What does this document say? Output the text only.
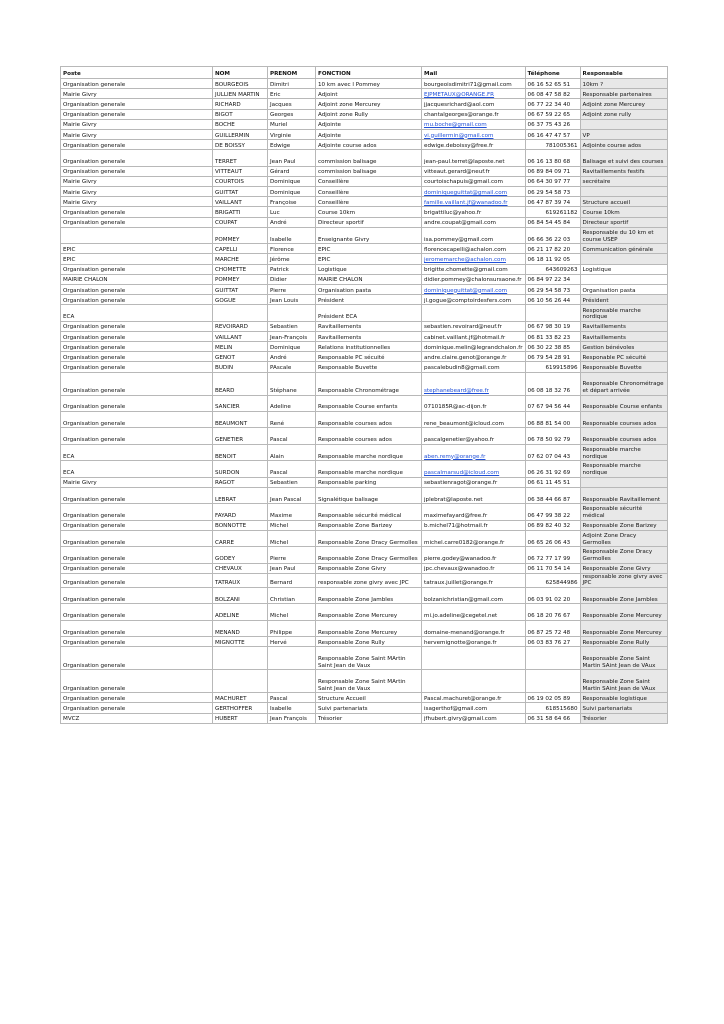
Poste	NOM	PRENOM	FONCTION	Mail	Téléphone	Responsable
Organisation generale	BOURGEOIS	Dimitri	10 km avec l Pommey	bourgeoisdimitri71@gmail.com	06 16 52 65 51	10km ?
Mairie Givry	JULLIEN MARTIN	Eric	Adjoint	EJPMETAUX@ORANGE.FR	06 08 47 58 82	Responsable partenaires
Organisation generale	RICHARD	Jacques	Adjoint zone Mercurey	jjacquesrichard@aol.com	06 77 22 34 40	Adjoint zone Mercurey
Organisation generale	BIGOT	Georges	Adjoint zone Rully	chantalgeorges@orange.fr	06 67 59 22 65	Adjoint zone rully
Mairie Givry	BOCHE	Muriel	Adjointe	mu.boche@gmail.com	06 37 75 43 26	
Mairie Givry	GUILLERMIN	Virginie	Adjointe	vi.guillermin@gmail.com	06 16 47 47 57	VP
Organisation generale	DE BOISSY	Edwige	Adjointe course ados	edwige.deboissy@free.fr	781005361	Adjointe course ados
Organisation generale	TERRET	Jean Paul	commission balisage	jean-paul.terret@laposte.net	06 16 13 80 68	Balisage et suivi des courses
Organisation generale	VITTEAUT	Gérard	commission balisage	vitteaut.gerard@neuf.fr	06 89 84 09 71	Ravitaillements festifs
Mairie Givry	COURTOIS	Dominique	Conseillère	courtoischapuis@gmail.com	06 64 30 97 77	secrétaire
Mairie Givry	GUITTAT	Dominique	Conseillère	dominiqueguittat@gmail.com	06 29 54 58 73	
Mairie Givry	VAILLANT	Françoise	Conseillère	famille.vaillant.jf@wanadoo.fr	06 47 87 39 74	Structure accueil
Organisation generale	BRIGATTI	Luc	Course 10km	brigattiluc@yahoo.fr	619261182	Course 10km
Organisation generale	COUPAT	André	Directeur sportif	andre.coupat@gmail.com	06 84 54 45 84	Directeur sportif
	POMMEY	Isabelle	Enseignante Givry	isa.pommey@gmail.com	06 66 36 22 03	Responsable du 10 km et course USEP
EPIC	CAPELLI	Florence	EPIC	florencecapelli@achalon.com	06 21 17 82 20	Communication générale
EPIC	MARCHE	Jérôme	EPIC	jeromemarche@achalon.com	06 18 11 92 05	
Organisation generale	CHOMETTE	Patrick	Logistique	brigitte.chomette@gmail.com	643609263	Logistique
MAIRIE CHALON	POMMEY	Didier	MAIRIE CHALON	didier.pommey@chalonsursaone.fr	06 84 97 22 34	
Organisation generale	GUITTAT	Pierre	Organisation pasta	dominiqueguittat@gmail.com	06 29 54 58 73	Organisation pasta
Organisation generale	GOGUE	Jean Louis	Président	jl.gogue@comptoirdesfers.com	06 10 56 26 44	Président
ECA			Président ECA			Responsable marche nordique
Organisation generale	REVOIRARD	Sebastien	Ravitaillements	sebastien.revoirard@neuf.fr	06 67 98 30 19	Ravitaillements
Organisation generale	VAILLANT	Jean-François	Ravitaillements	cabinet.vaillant.jf@hotmail.fr	06 81 33 82 23	Ravitaillements
Organisation generale	MELIN	Dominique	Relations institutionnelles	dominique.melin@legrandchalon.fr	06 30 22 38 85	Gestion bénévoles
Organisation generale	GENOT	André	Responsable PC sécuité	andre.claire.genot@orange.fr	06 79 54 28 91	Responable PC sécuité
Organisation generale	BUDIN	PAscale	Responsable Buvette	pascalebudin8@gmail.com	619915896	Responsable Buvette
Organisation generale	BEARD	Stéphane	Responsable Chronométrage	stephanebeard@free.fr	06 08 18 32 76	Responsable Chronométrage et départ arrivée
Organisation generale	SANCIER	Adeline	Responsable Course enfants	0710185R@ac-dijon.fr	07 67 94 56 44	Responsable Course enfants
Organisation generale	BEAUMONT	René	Responsable courses ados	rene_beaumont@icloud.com	06 88 81 54 00	Responsable courses ados
Organisation generale	GENETIER	Pascal	Responsable courses ados	pascalgenetier@yahoo.fr	06 78 50 92 79	Responsable courses ados
ECA	BENOIT	Alain	Responsable marche nordique	aben.remy@orange.fr	07 62 07 04 43	Responsable marche nordique
ECA	SURDON	Pascal	Responsable marche nordique	pascalmarsud@icloud.com	06 26 31 92 69	Responsable marche nordique
Mairie Givry	RAGOT	Sebastien	Responsable parking	sebastienragot@orange.fr	06 61 11 45 51	
Organisation generale	LEBRAT	Jean Pascal	Signalétique balisage	jplebrat@laposte.net	06 38 44 66 87	Responsable Ravitaillement
Organisation generale	FAYARD	Maxime	Responsable sécurité médical	maximefayard@free.fr	06 47 99 38 22	Responsable sécurité médical
Organisation generale	BONNOTTE	Michel	Responsable Zone Barizey	b.michel71@hotmail.fr	06 89 82 40 32	Responsable Zone Barizey
Organisation generale	CARRE	Michel	Responsable Zone Dracy Germolles	michel.carre0182@orange.fr	06 65 26 06 43	Adjoint Zone Dracy Germolles
Organisation generale	GODEY	Pierre	Responsable Zone Dracy Germolles	pierre.godey@wanadoo.fr	06 72 77 17 99	Responsable Zone Dracy Germolles
Organisation generale	CHEVAUX	Jean Paul	Responsable Zone Givry	jpc.chevaux@wanadoo.fr	06 11 70 54 14	Responsable Zone Givry
Organisation generale	TATRAUX	Bernard	responsable zone givry avec JPC	tatraux.juillet@orange.fr	625844986	responsable zone givry avec JPC
Organisation generale	BOLZANI	Christian	Responsable Zone Jambles	bolzanichristian@gmail.com	06 03 91 02 20	Responsable Zone Jambles
Organisation generale	ADELINE	Michel	Responsable Zone Mercurey	mi.jo.adeline@cegetel.net	06 18 20 76 67	Responsable Zone Mercurey
Organisation generale	MENAND	Philippe	Responsable Zone Mercurey	domaine-menand@orange.fr	06 87 25 72 48	Responsable Zone Mercurey
Organisation generale	MIGNOTTE	Hervé	Responsable Zone Rully	hervemignotte@orange.fr	06 03 83 76 27	Responsable Zone Rully
Organisation generale			Responsable Zone Saint MArtin Saint Jean de Vaux			Responsable Zone Saint Martin SAint Jean de VAux
Organisation generale			Responsable Zone Saint MArtin Saint Jean de Vaux			Responsable Zone Saint Martin SAint Jean de VAux
Organisation generale	MACHURET	Pascal	Structure Accueil	Pascal.machuret@orange.fr	06 19 02 05 89	Responsable logistique
Organisation generale	GERTHOFFER	Isabelle	Suivi partenariats	isagerthof@gmail.com	618515680	Suivi partenariats
MVCZ	HUBERT	Jean François	Trésorier	jfhubert.givry@gmail.com	06 31 58 64 66	Trésorier
